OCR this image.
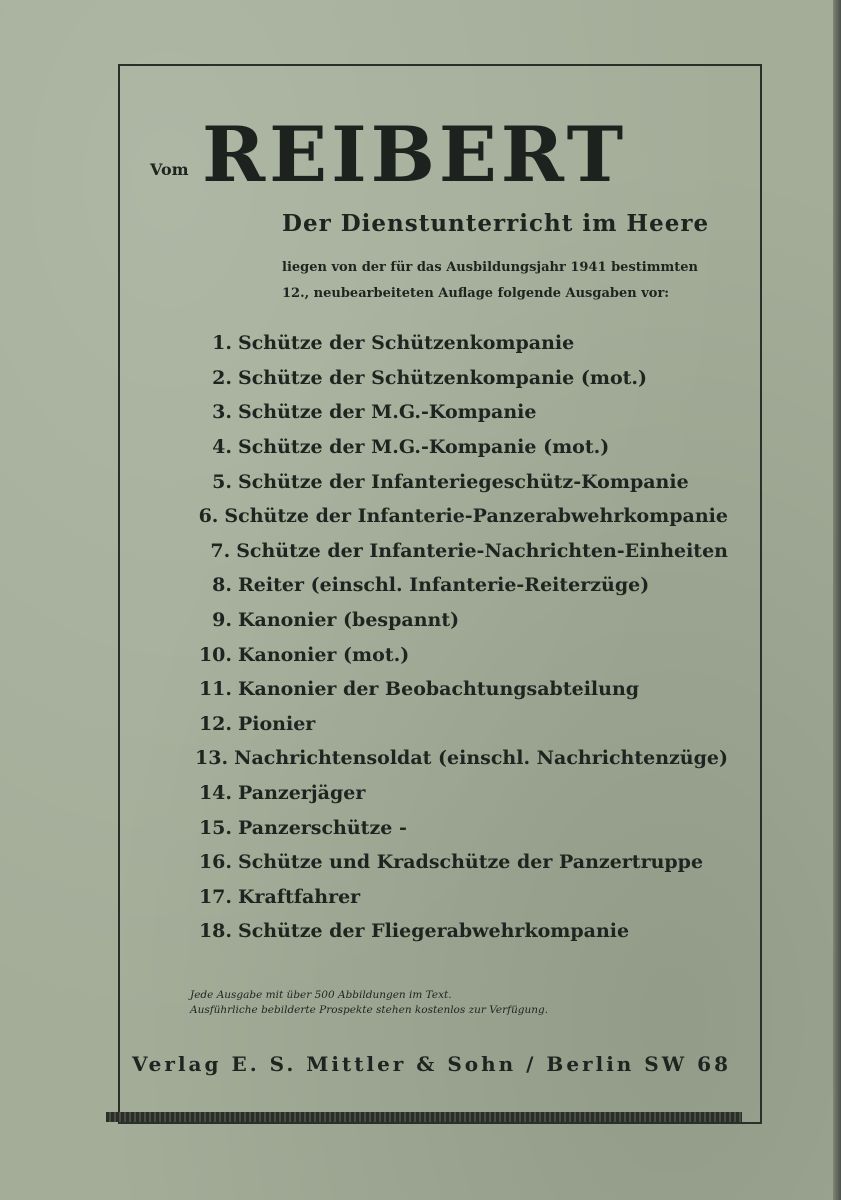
Vom REIBERT
Der Dienstunterricht im Heere
liegen von der für das Ausbildungsjahr 1941 bestimmten
12., neubearbeiteten Auflage folgende Ausgaben vor:
1. Schütze der Schützenkompanie
2. Schütze der Schützenkompanie (mot.)
3. Schütze der M.G.-Kompanie
4. Schütze der M.G.-Kompanie (mot.)
5. Schütze der Infanteriegeschütz-Kompanie
6. Schütze der Infanterie-Panzerabwehrkompanie
7. Schütze der Infanterie-Nachrichten-Einheiten
8. Reiter (einschl. Infanterie-Reiterzüge)
9. Kanonier (bespannt)
10. Kanonier (mot.)
11. Kanonier der Beobachtungsabteilung
12. Pionier
13. Nachrichtensoldat (einschl. Nachrichtenzüge)
14. Panzerjäger
15. Panzerschütze -
16. Schütze und Kradschütze der Panzertruppe
17. Kraftfahrer
18. Schütze der Fliegerabwehrkompanie
Jede Ausgabe mit über 500 Abbildungen im Text.
Ausführliche bebilderte Prospekte stehen kostenlos zur Verfügung.
Verlag E. S. Mittler & Sohn / Berlin SW 68
